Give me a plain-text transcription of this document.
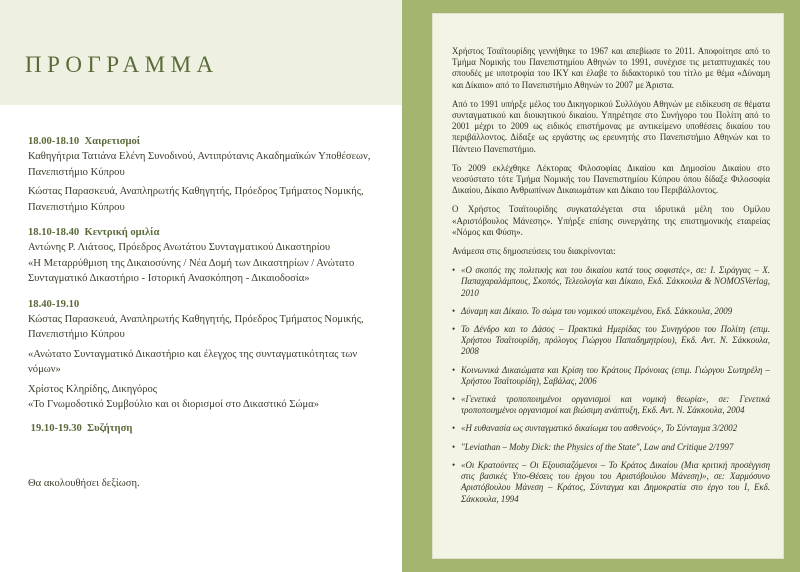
ΠΡΟΓΡΑΜΜΑ
18.00-18.10 Χαιρετισμοί
Καθηγήτρια Τατιάνα Ελένη Συνοδινού, Αντιπρύτανις Ακαδημαϊκών Υποθέσεων, Πανεπιστήμιο Κύπρου
Κώστας Παρασκευά, Αναπληρωτής Καθηγητής, Πρόεδρος Τμήματος Νομικής, Πανεπιστήμιο Κύπρου
18.10-18.40 Κεντρική ομιλία
Αντώνης Ρ. Λιάτσος, Πρόεδρος Ανωτάτου Συνταγματικού Δικαστηρίου
«Η Μεταρρύθμιση της Δικαιοσύνης / Νέα Δομή των Δικαστηρίων / Ανώτατο Συνταγματικό Δικαστήριο - Ιστορική Ανασκόπηση - Δικαιοδοσία»
18.40-19.10
Κώστας Παρασκευά, Αναπληρωτής Καθηγητής, Πρόεδρος Τμήματος Νομικής, Πανεπιστήμιο Κύπρου
«Ανώτατο Συνταγματικό Δικαστήριο και έλεγχος της συνταγματικότητας των νόμων»
Χρίστος Κληρίδης, Δικηγόρος
«Το Γνωμοδοτικό Συμβούλιο και οι διορισμοί στο Δικαστικό Σώμα»
19.10-19.30 Συζήτηση
Θα ακολουθήσει δεξίωση.

Χρήστος Τσαϊτουρίδης γεννήθηκε το 1967 και απεβίωσε το 2011. Αποφοίτησε από το Τμήμα Νομικής του Πανεπιστημίου Αθηνών το 1991, συνέχισε τις μεταπτυχιακές του σπουδές με υποτροφία του ΙΚΥ και έλαβε το διδακτορικό του τίτλο με θέμα «Δύναμη και Δίκαιο» από το Πανεπιστήμιο Αθηνών το 2007 με Άριστα.

Από το 1991 υπήρξε μέλος του Δικηγορικού Συλλόγου Αθηνών με ειδίκευση σε θέματα συνταγματικού και διοικητικού δικαίου. Υπηρέτησε στο Συνήγορο του Πολίτη από το 2001 μέχρι το 2009 ως ειδικός επιστήμονας με αντικείμενο υποθέσεις δικαίου του περιβάλλοντος. Δίδαξε ως εργάστης ως ερευνητής στο Πανεπιστήμιο Αθηνών και το Πάντειο Πανεπιστήμιο.

Το 2009 εκλέχθηκε Λέκτορας Φιλοσοφίας Δικαίου και Δημοσίου Δικαίου στο νεοσύστατο τότε Τμήμα Νομικής του Πανεπιστημίου Κύπρου όπου δίδαξε Φιλοσοφία Δικαίου, Δίκαιο Ανθρωπίνων Δικαιωμάτων και Δίκαιο του Περιβάλλοντος.

Ο Χρήστος Τσαϊτουρίδης συγκαταλέγεται στα ιδρυτικά μέλη του Ομίλου «Αριστόβουλος Μάνεσης». Υπήρξε επίσης συνεργάτης της επιστημονικής εταιρείας «Νόμος και Φύση».

Ανάμεσα στις δημοσιεύσεις του διακρίνονται:

• «Ο σκοπός της πολιτικής και του δικαίου κατά τους σοφιστές», σε: Ι. Σιράγγας – Χ. Παπαχαραλάμπους, Σκοπός, Τελεολογία και Δίκαιο, Εκδ. Σάκκουλα & NOMOSVerlag, 2010
• Δύναμη και Δίκαιο. Το σώμα του νομικού υποκειμένου, Εκδ. Σάκκουλα, 2009
• Το Δένδρο και το Δάσος – Πρακτικά Ημερίδας του Συνηγόρου του Πολίτη (επιμ. Χρήστου Τσαϊτουρίδη, πρόλογος Γιώργου Παπαδημητρίου), Εκδ. Αντ. Ν. Σάκκουλα, 2008
• Κοινωνικά Δικαιώματα και Κρίση του Κράτους Πρόνοιας (επιμ. Γιώργου Σωτηρέλη – Χρήστου Τσαϊτουρίδη), Σαβάλας, 2006
• «Γενετικά τροποποιημένοι οργανισμοί και νομική θεωρία», σε: Γενετικά τροποποιημένοι οργανισμοί και βιώσιμη ανάπτυξη, Εκδ. Αντ. Ν. Σάκκουλα, 2004
• «Η ευθανασία ως συνταγματικό δικαίωμα του ασθενούς», Το Σύνταγμα 3/2002
• "Leviathan – Moby Dick: the Physics of the State", Law and Critique 2/1997
• «Οι Κρατούντες – Οι Εξουσιαζόμενοι – Το Κράτος Δικαίου (Μια κριτική προσέγγιση στις βασικές Υπο-Θέσεις του έργου του Αριστόβουλου Μάνεση)», σε: Χαρμόσυνο Αριστόβουλου Μάνεση – Κράτος, Σύνταγμα και Δημοκρατία στο έργο του Ι, Εκδ. Σάκκουλα, 1994
